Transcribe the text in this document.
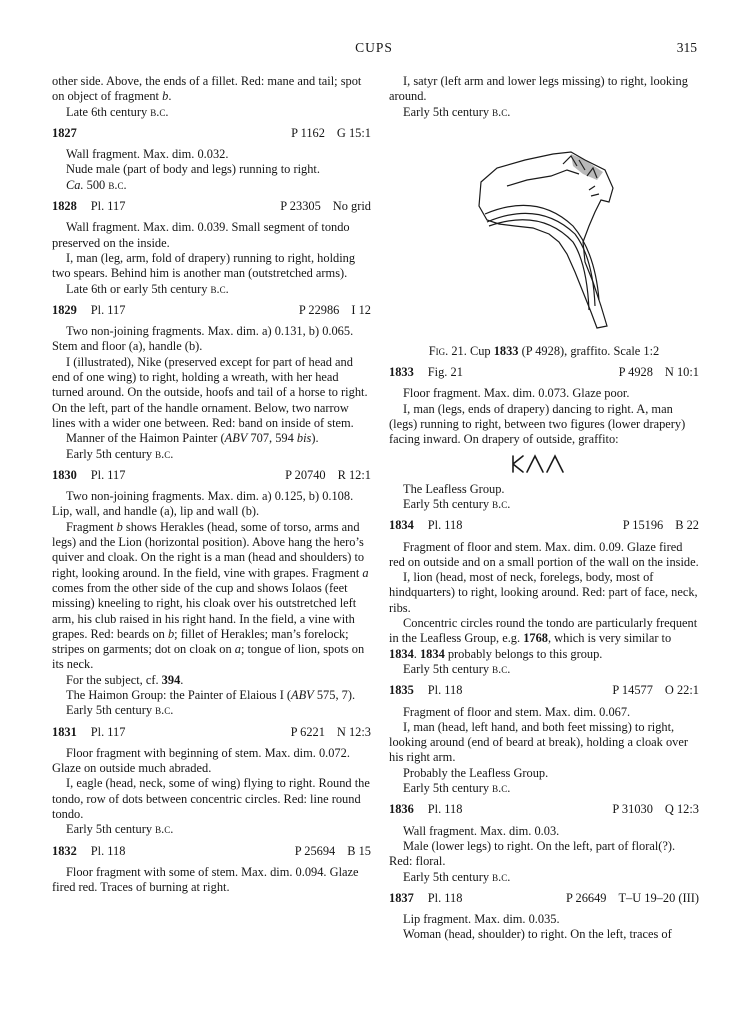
CUPS	315

other side. Above, the ends of a fillet. Red: mane and tail; spot on object of fragment b.

Late 6th century b.c.

1827	P 1162 G 15:1

Wall fragment. Max. dim. 0.032.

Nude male (part of body and legs) running to right.

Ca. 500 b.c.

1828 Pl. 117	P 23305 No grid

Wall fragment. Max. dim. 0.039. Small segment of tondo preserved on the inside.

I, man (leg, arm, fold of drapery) running to right, holding two spears. Behind him is another man (outstretched arms).

Late 6th or early 5th century b.c.

1829 Pl. 117	P 22986 I 12

Two non-joining fragments. Max. dim. a) 0.131, b) 0.065. Stem and floor (a), handle (b).

I (illustrated), Nike (preserved except for part of head and end of one wing) to right, holding a wreath, with her head turned around. On the outside, hoofs and tail of a horse to right. On the left, part of the handle ornament. Below, two narrow lines with a wider one between. Red: band on inside of stem.

Manner of the Haimon Painter (ABV 707, 594 bis).

Early 5th century b.c.

1830 Pl. 117	P 20740 R 12:1

Two non-joining fragments. Max. dim. a) 0.125, b) 0.108. Lip, wall, and handle (a), lip and wall (b).

Fragment b shows Herakles (head, some of torso, arms and legs) and the Lion (horizontal position). Above hang the hero’s quiver and cloak. On the right is a man (head and shoulders) to right, looking around. In the field, vine with grapes. Fragment a comes from the other side of the cup and shows Iolaos (feet missing) kneeling to right, his cloak over his outstretched left arm, his club raised in his right hand. In the field, a vine with grapes. Red: beards on b; fillet of Herakles; man’s forelock; stripes on garments; dot on cloak on a; tongue of lion, spots on its neck.

For the subject, cf. 394.

The Haimon Group: the Painter of Elaious I (ABV 575, 7).

Early 5th century b.c.

1831 Pl. 117	P 6221 N 12:3

Floor fragment with beginning of stem. Max. dim. 0.072. Glaze on outside much abraded.

I, eagle (head, neck, some of wing) flying to right. Round the tondo, row of dots between concentric circles. Red: line round tondo.

Early 5th century b.c.

1832 Pl. 118	P 25694 B 15

Floor fragment with some of stem. Max. dim. 0.094. Glaze fired red. Traces of burning at right.

I, satyr (left arm and lower legs missing) to right, looking around.

Early 5th century b.c.

Fig. 21. Cup 1833 (P 4928), graffito. Scale 1:2

1833 Fig. 21	P 4928 N 10:1

Floor fragment. Max. dim. 0.073. Glaze poor.

I, man (legs, ends of drapery) dancing to right. A, man (legs) running to right, between two figures (lower drapery) facing inward. On drapery of outside, graffito:

The Leafless Group.

Early 5th century b.c.

1834 Pl. 118	P 15196 B 22

Fragment of floor and stem. Max. dim. 0.09. Glaze fired red on outside and on a small portion of the wall on the inside.

I, lion (head, most of neck, forelegs, body, most of hindquarters) to right, looking around. Red: part of face, neck, ribs.

Concentric circles round the tondo are particularly frequent in the Leafless Group, e.g. 1768, which is very similar to 1834. 1834 probably belongs to this group.

Early 5th century b.c.

1835 Pl. 118	P 14577 O 22:1

Fragment of floor and stem. Max. dim. 0.067.

I, man (head, left hand, and both feet missing) to right, looking around (end of beard at break), holding a cloak over his right arm.

Probably the Leafless Group.

Early 5th century b.c.

1836 Pl. 118	P 31030 Q 12:3

Wall fragment. Max. dim. 0.03.

Male (lower legs) to right. On the left, part of floral(?). Red: floral.

Early 5th century b.c.

1837 Pl. 118	P 26649 T–U 19–20 (III)

Lip fragment. Max. dim. 0.035.

Woman (head, shoulder) to right. On the left, traces of
